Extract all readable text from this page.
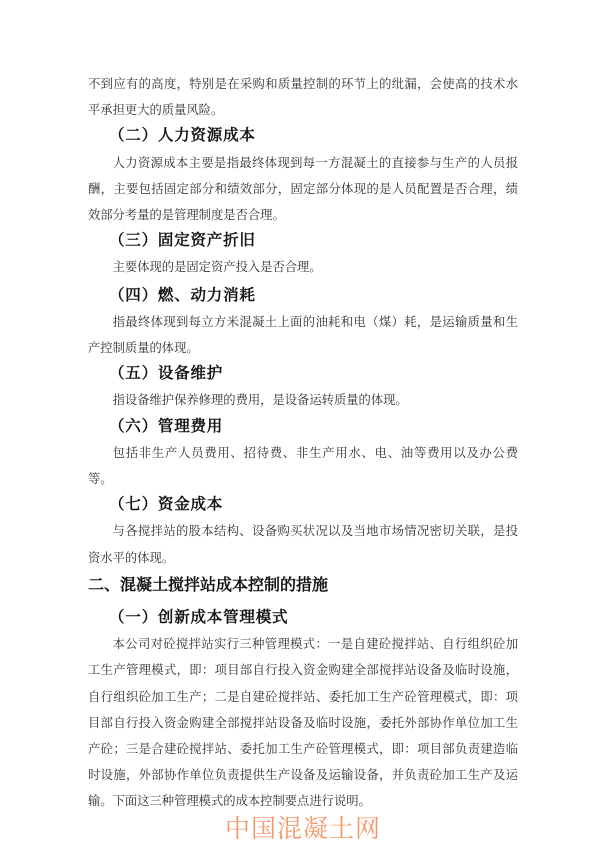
不到应有的高度，特别是在采购和质量控制的环节上的纰漏，会使高的技术水平承担更大的质量风险。

（二）人力资源成本

人力资源成本主要是指最终体现到每一方混凝土的直接参与生产的人员报酬，主要包括固定部分和绩效部分，固定部分体现的是人员配置是否合理，绩效部分考量的是管理制度是否合理。

（三）固定资产折旧

主要体现的是固定资产投入是否合理。

（四）燃、动力消耗

指最终体现到每立方米混凝土上面的油耗和电（煤）耗，是运输质量和生产控制质量的体现。

（五）设备维护

指设备维护保养修理的费用，是设备运转质量的体现。

（六）管理费用

包括非生产人员费用、招待费、非生产用水、电、油等费用以及办公费等。

（七）资金成本

与各搅拌站的股本结构、设备购买状况以及当地市场情况密切关联，是投资水平的体现。

二、混凝土搅拌站成本控制的措施
（一）创新成本管理模式

本公司对砼搅拌站实行三种管理模式：一是自建砼搅拌站、自行组织砼加工生产管理模式，即：项目部自行投入资金购建全部搅拌站设备及临时设施，自行组织砼加工生产；二是自建砼搅拌站、委托加工生产砼管理模式，即：项目部自行投入资金购建全部搅拌站设备及临时设施，委托外部协作单位加工生产砼；三是合建砼搅拌站、委托加工生产砼管理模式，即：项目部负责建造临时设施，外部协作单位负责提供生产设备及运输设备，并负责砼加工生产及运输。下面这三种管理模式的成本控制要点进行说明。

中国混凝土网
